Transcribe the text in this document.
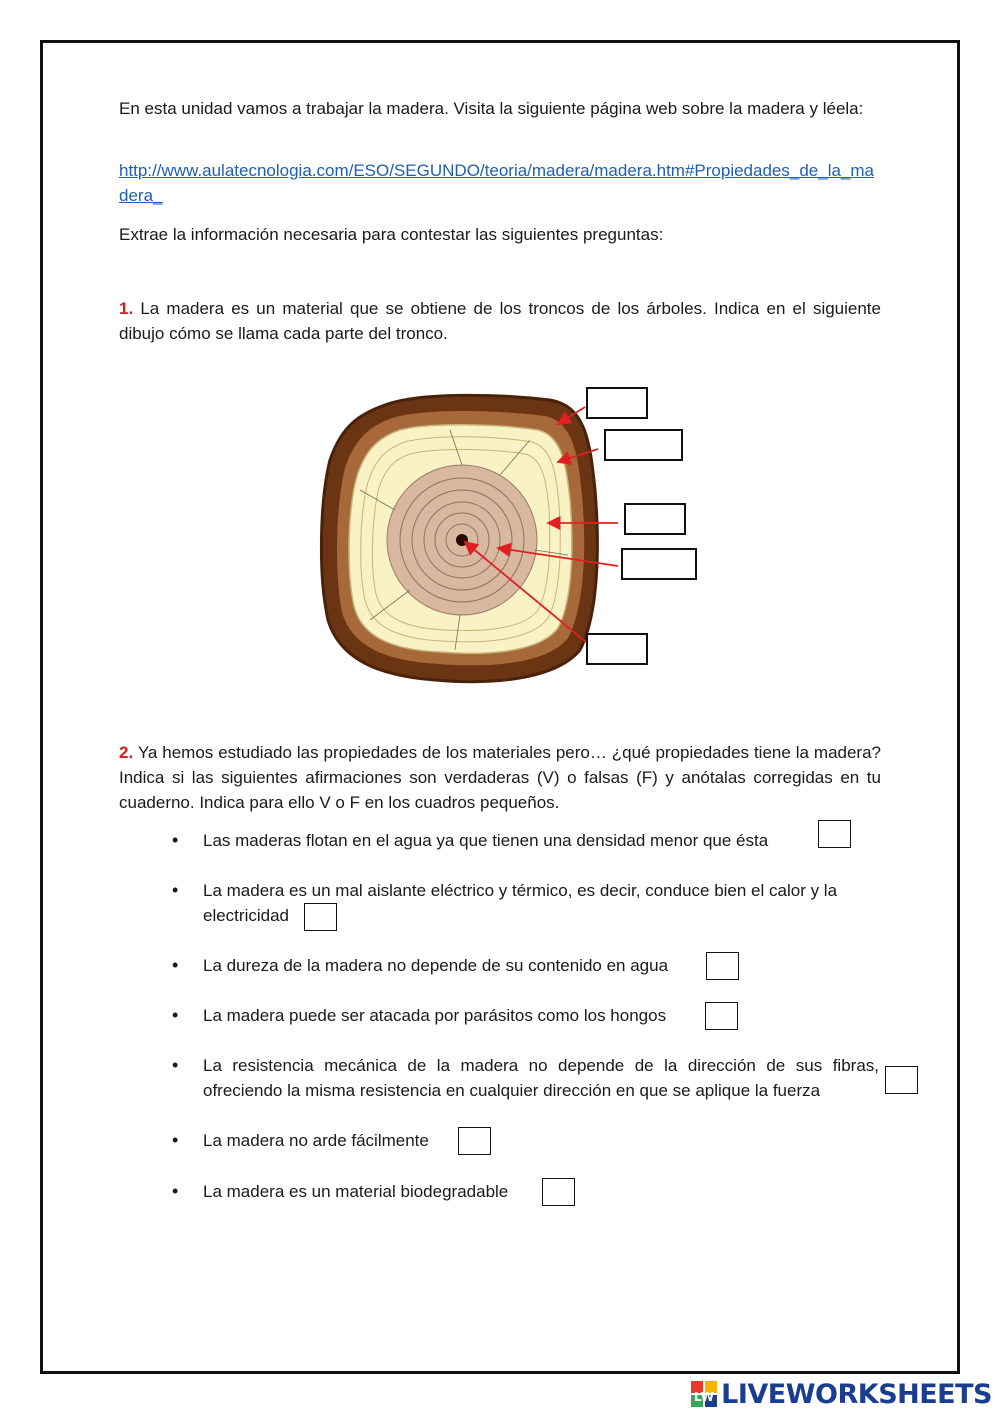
En esta unidad vamos a trabajar la madera. Visita la siguiente página web sobre la madera y léela:

http://www.aulatecnologia.com/ESO/SEGUNDO/teoria/madera/madera.htm#Propiedades_de_la_madera_

Extrae la información necesaria para contestar las siguientes preguntas:

1. La madera es un material que se obtiene de los troncos de los árboles. Indica en el siguiente dibujo cómo se llama cada parte del tronco.

2. Ya hemos estudiado las propiedades de los materiales pero… ¿qué propiedades tiene la madera? Indica si las siguientes afirmaciones son verdaderas (V) o falsas (F) y anótalas corregidas en tu cuaderno. Indica para ello V o F en los cuadros pequeños.

•	Las maderas flotan en el agua ya que tienen una densidad menor que ésta
•	La madera es un mal aislante eléctrico y térmico, es decir, conduce bien el calor y la electricidad
•	La dureza de la madera no depende de su contenido en agua
•	La madera puede ser atacada por parásitos como los hongos
•	La resistencia mecánica de la madera no depende de la dirección de sus fibras, ofreciendo la misma resistencia en cualquier dirección en que se aplique la fuerza
•	La madera no arde fácilmente
•	La madera es un material biodegradable
LW LIVEWORKSHEETS
